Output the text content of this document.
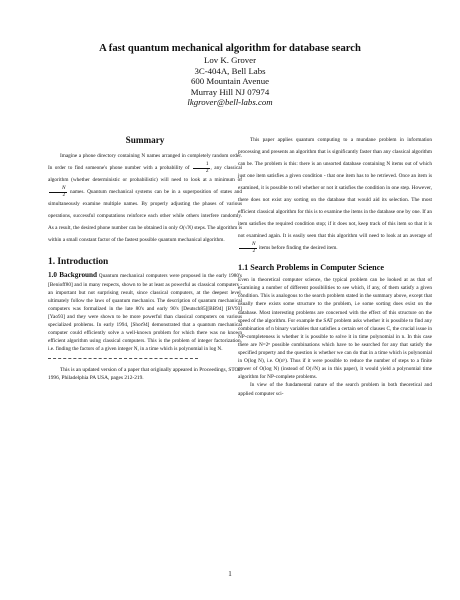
A fast quantum mechanical algorithm for database search
Lov K. Grover
3C-404A, Bell Labs
600 Mountain Avenue
Murray Hill NJ 07974
lkgrover@bell-labs.com
Summary

Imagine a phone directory containing N names arranged in completely random order. In order to find someone's phone number with a probability of $\frac{1}{2}$ , any classical algorithm (whether deterministic or probabilistic) will need to look at a minimum of
$\frac{N}{2}$ names. Quantum mechanical systems can be in a superposition of states and simultaneously examine multiple names. By properly adjusting the phases of various operations, successful computations reinforce each other while others interfere randomly. As a result, the desired phone number can be obtained in only O(√N) steps. The algorithm is within a small constant factor of the fastest possible quantum mechanical algorithm.

1. Introduction

1.0 Background Quantum mechanical computers were proposed in the early 1980's [Benioff80] and in many respects, shown to be at least as powerful as classical computers - an important but not surprising result, since classical computers, at the deepest level, ultimately follow the laws of quantum mechanics. The description of quantum mechanical computers was formalized in the late 80's and early 90's [Deutsch85][BB94] [BV93] [Yao93] and they were shown to be more powerful than classical computers on various specialized problems. In early 1994, [Shor94] demonstrated that a quantum mechanical computer could efficiently solve a well-known problem for which there was no known efficient algorithm using classical computers. This is the problem of integer factorization, i.e. finding the factors of a given integer N, in a time which is polynomial in log N.

This is an updated version of a paper that originally appeared in Proceedings, STOC 1996, Philadelphia PA USA, pages 212-219.

This paper applies quantum computing to a mundane problem in information processing and presents an algorithm that is significantly faster than any classical algorithm can be. The problem is this: there is an unsorted database containing N items out of which just one item satisfies a given condition - that one item has to be retrieved. Once an item is examined, it is possible to tell whether or not it satisfies the condition in one step. However, there does not exist any sorting on the database that would aid its selection. The most efficient classical algorithm for this is to examine the items in the database one by one. If an item satisfies the required condition stop; if it does not, keep track of this item so that it is not examined again. It is easily seen that this algorithm will need to look at an average of
$\frac{N}{2}$ items before finding the desired item.

1.1 Search Problems in Computer Science

Even in theoretical computer science, the typical problem can be looked at as that of examining a number of different possibilities to see which, if any, of them satisfy a given condition. This is analogous to the search problem stated in the summary above, except that usually there exists some structure to the problem, i.e some sorting does exist on the database. Most interesting problems are concerned with the effect of this structure on the speed of the algorithm. For example the SAT problem asks whether it is possible to find any combination of n binary variables that satisfies a certain set of clauses C, the crucial issue in NP-completeness is whether it is possible to solve it in time polynomial in n. In this case there are N=2ⁿ possible combinations which have to be searched for any that satisfy the specified property and the question is whether we can do that in a time which is polynomial in O(log N), i.e. O(nᵏ). Thus if it were possible to reduce the number of steps to a finite power of O(log N) (instead of O(√N) as in this paper), it would yield a polynomial time algorithm for NP-complete problems.

In view of the fundamental nature of the search problem in both theoretical and applied computer sci-

1
